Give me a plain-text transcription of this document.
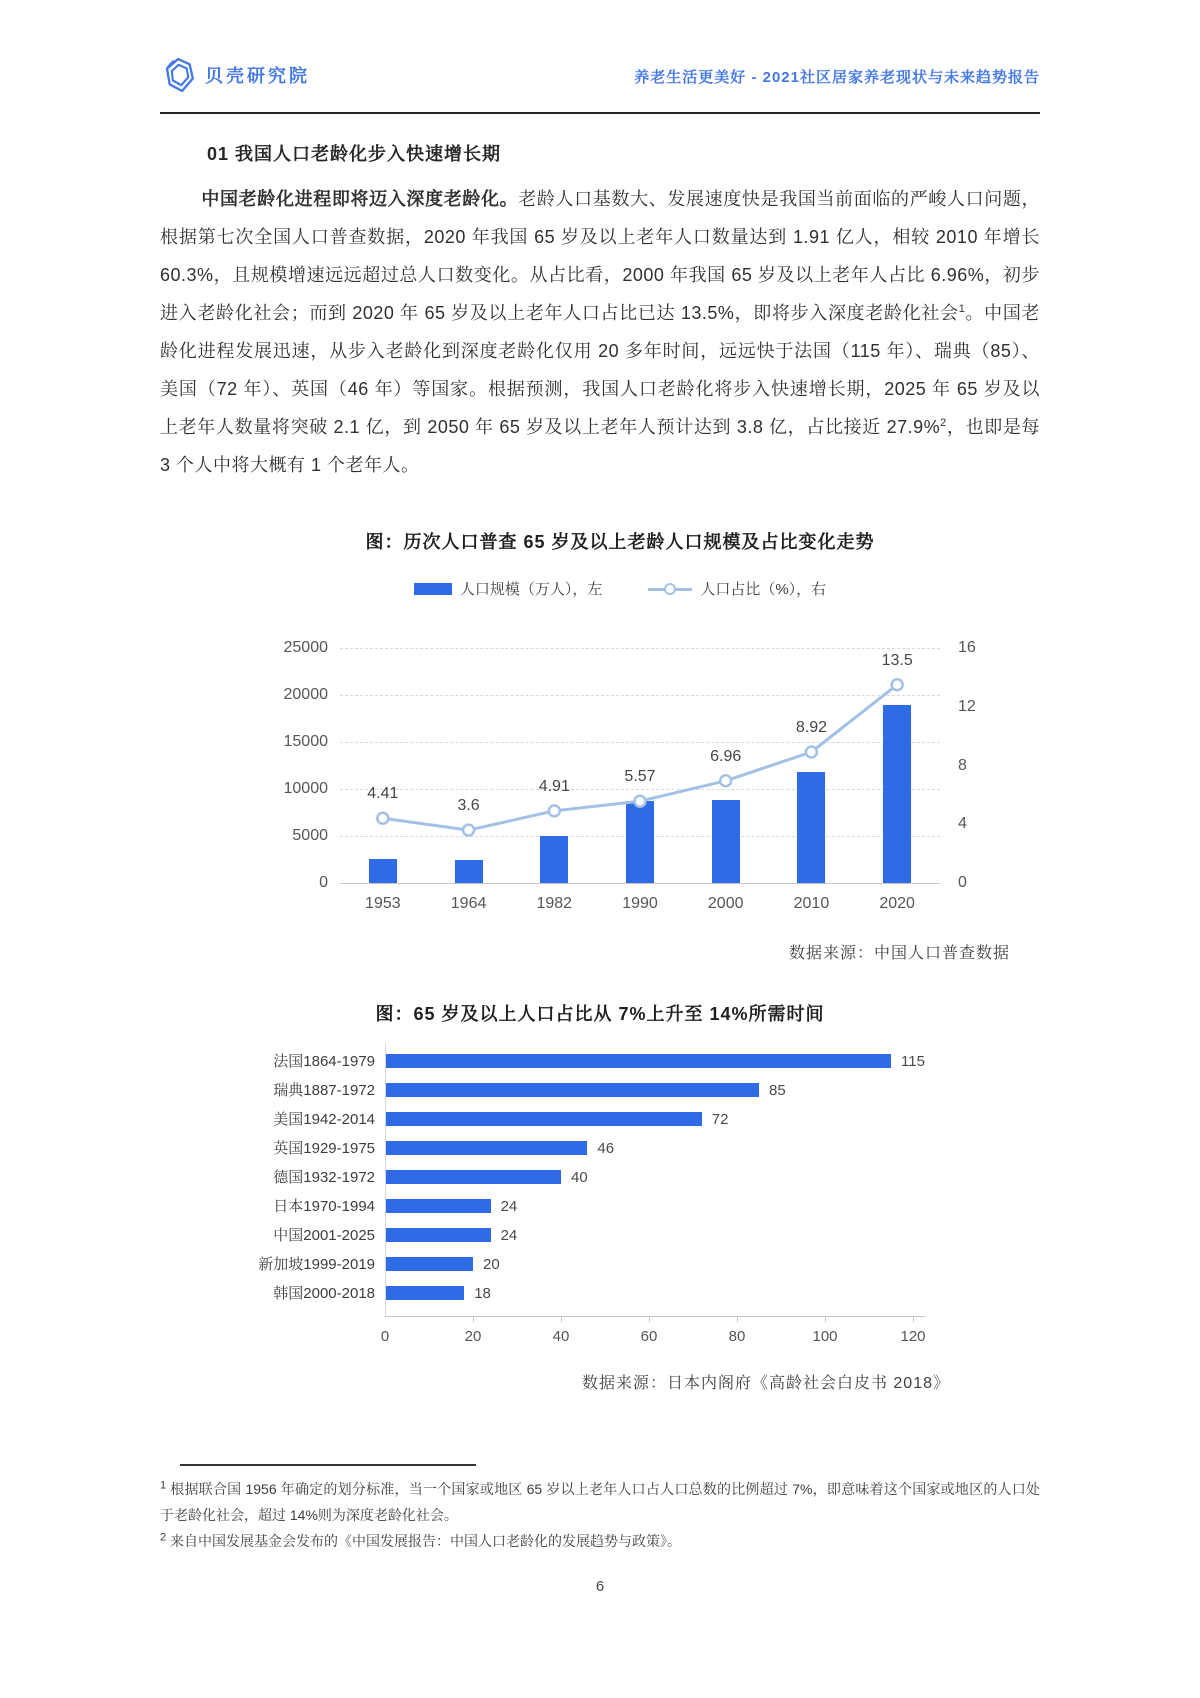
贝壳研究院	养老生活更美好 - 2021社区居家养老现状与未来趋势报告
01 我国人口老龄化步入快速增长期
中国老龄化进程即将迈入深度老龄化。老龄人口基数大、发展速度快是我国当前面临的严峻人口问题，根据第七次全国人口普查数据，2020 年我国 65 岁及以上老年人口数量达到 1.91 亿人，相较 2010 年增长 60.3%，且规模增速远远超过总人口数变化。从占比看，2000 年我国 65 岁及以上老年人占比 6.96%，初步进入老龄化社会；而到 2020 年 65 岁及以上老年人口占比已达 13.5%，即将步入深度老龄化社会$^1$。中国老龄化进程发展迅速，从步入老龄化到深度老龄化仅用 20 多年时间，远远快于法国（115 年）、瑞典（85）、美国（72 年）、英国（46 年）等国家。根据预测，我国人口老龄化将步入快速增长期，2025 年 65 岁及以上老年人数量将突破 2.1 亿，到 2050 年 65 岁及以上老年人预计达到 3.8 亿，占比接近 27.9%$^2$，也即是每 3 个人中将大概有 1 个老年人。
图：历次人口普查 65 岁及以上老龄人口规模及占比变化走势
人口规模（万人），左	人口占比（%），右
0
5000
10000
15000
20000
25000
0
4
8
12
16
4.41
3.6
4.91
5.57
6.96
8.92
13.5
1953	1964	1982	1990	2000	2010	2020
数据来源：中国人口普查数据
图：65 岁及以上人口占比从 7%上升至 14%所需时间
法国1864-1979	115
瑞典1887-1972	85
美国1942-2014	72
英国1929-1975	46
德国1932-1972	40
日本1970-1994	24
中国2001-2025	24
新加坡1999-2019	20
韩国2000-2018	18
0	20	40	60	80	100	120
数据来源：日本内阁府《高龄社会白皮书 2018》

$^1$ 根据联合国 1956 年确定的划分标准，当一个国家或地区 65 岁以上老年人口占人口总数的比例超过 7%，即意味着这个国家或地区的人口处于老龄化社会，超过 14%则为深度老龄化社会。

$^2$ 来自中国发展基金会发布的《中国发展报告：中国人口老龄化的发展趋势与政策》。

6
